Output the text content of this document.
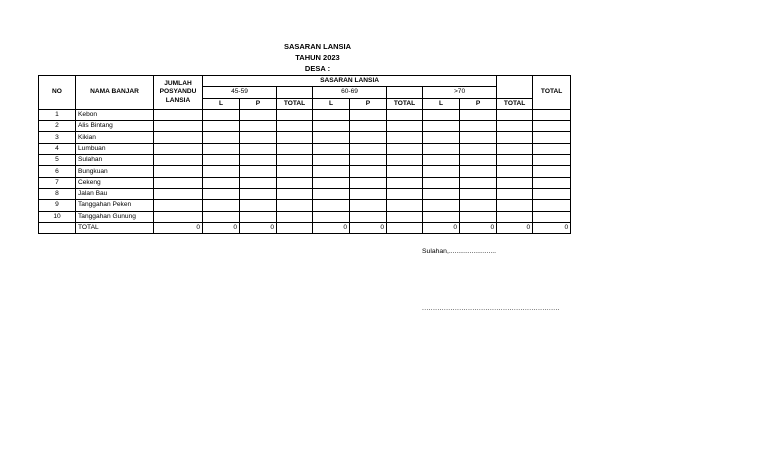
SASARAN LANSIA
TAHUN 2023
DESA :
NO	NAMA BANJAR	JUMLAH POSYANDU LANSIA	SASARAN LANSIA									TOTAL
			45-59			60-69			>70			
			L	P	TOTAL	L	P	TOTAL	L	P	TOTAL	
1	Kebon											
2	Alis Bintang											
3	Kikian											
4	Lumbuan											
5	Sulahan											
6	Bungkuan											
7	Cekeng											
8	Jalan Bau											
9	Tanggahan Peken											
10	Tanggahan Gunung											
	TOTAL	0	0	0		0	0		0	0	0	0
Sulahan,.........................
...............................................................
